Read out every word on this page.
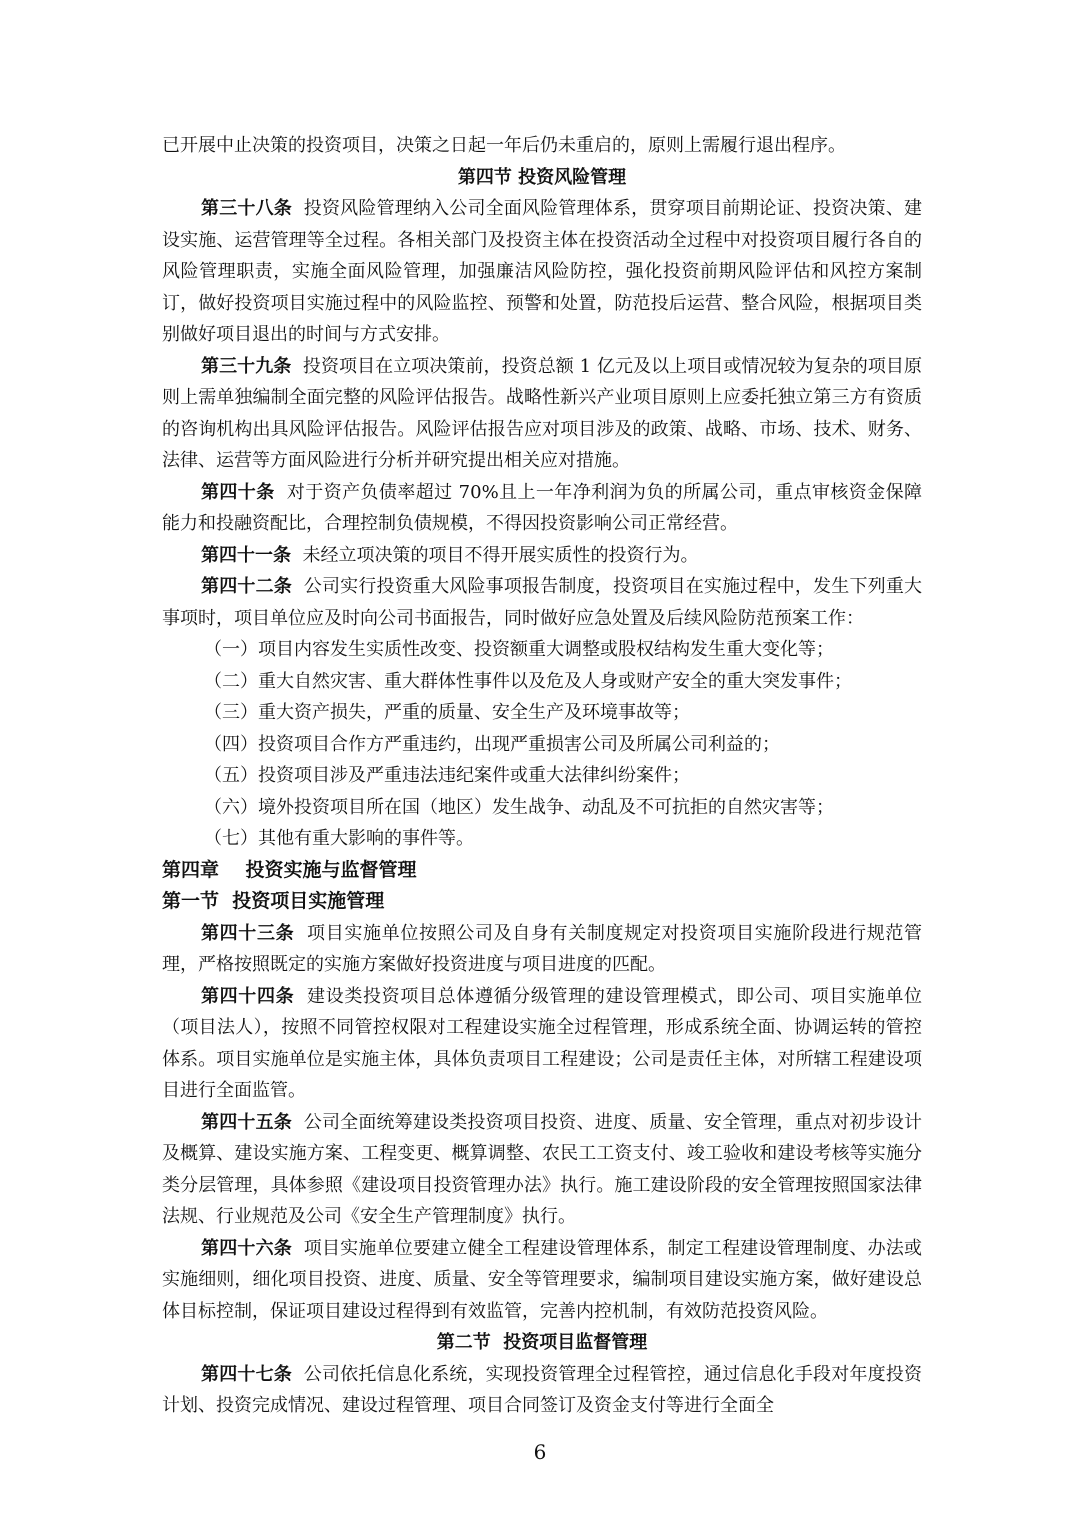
已开展中止决策的投资项目，决策之日起一年后仍未重启的，原则上需履行退出程序。

第四节 投资风险管理

第三十八条 投资风险管理纳入公司全面风险管理体系，贯穿项目前期论证、投资决策、建设实施、运营管理等全过程。各相关部门及投资主体在投资活动全过程中对投资项目履行各自的风险管理职责，实施全面风险管理，加强廉洁风险防控，强化投资前期风险评估和风控方案制订，做好投资项目实施过程中的风险监控、预警和处置，防范投后运营、整合风险，根据项目类别做好项目退出的时间与方式安排。

第三十九条 投资项目在立项决策前，投资总额 1 亿元及以上项目或情况较为复杂的项目原则上需单独编制全面完整的风险评估报告。战略性新兴产业项目原则上应委托独立第三方有资质的咨询机构出具风险评估报告。风险评估报告应对项目涉及的政策、战略、市场、技术、财务、法律、运营等方面风险进行分析并研究提出相关应对措施。

第四十条 对于资产负债率超过 70%且上一年净利润为负的所属公司，重点审核资金保障能力和投融资配比，合理控制负债规模，不得因投资影响公司正常经营。

第四十一条 未经立项决策的项目不得开展实质性的投资行为。

第四十二条 公司实行投资重大风险事项报告制度，投资项目在实施过程中，发生下列重大事项时，项目单位应及时向公司书面报告，同时做好应急处置及后续风险防范预案工作：

（一）项目内容发生实质性改变、投资额重大调整或股权结构发生重大变化等；

（二）重大自然灾害、重大群体性事件以及危及人身或财产安全的重大突发事件；

（三）重大资产损失，严重的质量、安全生产及环境事故等；

（四）投资项目合作方严重违约，出现严重损害公司及所属公司利益的；

（五）投资项目涉及严重违法违纪案件或重大法律纠纷案件；

（六）境外投资项目所在国（地区）发生战争、动乱及不可抗拒的自然灾害等；

（七）其他有重大影响的事件等。

第四章    投资实施与监督管理

第一节  投资项目实施管理

第四十三条 项目实施单位按照公司及自身有关制度规定对投资项目实施阶段进行规范管理，严格按照既定的实施方案做好投资进度与项目进度的匹配。

第四十四条 建设类投资项目总体遵循分级管理的建设管理模式，即公司、项目实施单位（项目法人），按照不同管控权限对工程建设实施全过程管理，形成系统全面、协调运转的管控体系。项目实施单位是实施主体，具体负责项目工程建设；公司是责任主体，对所辖工程建设项目进行全面监管。

第四十五条 公司全面统筹建设类投资项目投资、进度、质量、安全管理，重点对初步设计及概算、建设实施方案、工程变更、概算调整、农民工工资支付、竣工验收和建设考核等实施分类分层管理，具体参照《建设项目投资管理办法》执行。施工建设阶段的安全管理按照国家法律法规、行业规范及公司《安全生产管理制度》执行。

第四十六条 项目实施单位要建立健全工程建设管理体系，制定工程建设管理制度、办法或实施细则，细化项目投资、进度、质量、安全等管理要求，编制项目建设实施方案，做好建设总体目标控制，保证项目建设过程得到有效监管，完善内控机制，有效防范投资风险。

第二节  投资项目监督管理

第四十七条 公司依托信息化系统，实现投资管理全过程管控，通过信息化手段对年度投资计划、投资完成情况、建设过程管理、项目合同签订及资金支付等进行全面全

6
